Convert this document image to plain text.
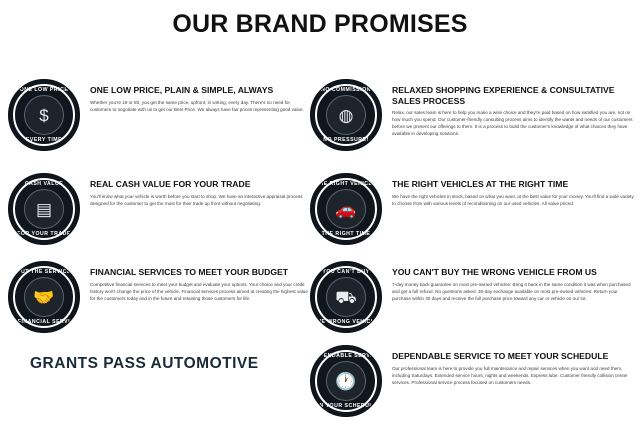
OUR BRAND PROMISES
ONE LOW PRICE
$
EVERY TIME
ONE LOW PRICE, PLAIN & SIMPLE, ALWAYS
Whether you're 18 or 80, you get the same price, upfront, in writing, every day. There's no need for customers to negotiate with us to get our Best Price. We always have fair prices representing good value.
CASH VALUE
▤
FOR YOUR TRADE
REAL CASH VALUE FOR YOUR TRADE
You'll know what your vehicle is worth before you start to shop. We have an interactive appraisal process designed for the customer to get the most for their trade up front without negotiating.
PUT THE SERVICE
🤝
IN FINANCIAL SERVICE
FINANCIAL SERVICES TO MEET YOUR BUDGET
Competitive financial services to meet your budget and evaluate your options. Your choice and your credit history won't change the price of the vehicle. Financial services process aimed at creating the highest value for the customers today and in the future and retaining those customers for life.
NO COMMISSION
◍
NO PRESSURE!
RELAXED SHOPPING EXPERIENCE & CONSULTATIVE SALES PROCESS
Relax, our sales team is here to help you make a wise choice and they're paid based on how satisfied you are, not on how much you spend. Our customer-friendly consulting process aims to identify the wants and needs of our customers before we present our offerings to them. It is a process to build the customer's knowledge of what choices they have available in developing solutions.
THE RIGHT VEHICLE
🚗
THE RIGHT TIME
THE RIGHT VEHICLES AT THE RIGHT TIME
We have the right vehicles in stock, based on what you want, at the best value for your money. You'll find a wide variety to choose from with various levels of reconditioning on our used vehicles. All value priced.
YOU CAN'T BUY
⛟
THE WRONG VEHICLE
YOU CAN'T BUY THE WRONG VEHICLE FROM US
7-day money back guarantee on most pre-owned vehicles: Bring it back in the same condition it was when purchased and get a full refund. No questions asked. 30-day exchange available on most pre-owned vehicles: Return your purchase within 30 days and receive the full purchase price toward any car or vehicle on our lot.
DEPENDABLE SERVICE
🕐
ON YOUR SCHEDULE
DEPENDABLE SERVICE TO MEET YOUR SCHEDULE
Our professional team is here to provide you full maintenance and repair services when you want and need them, including Saturdays. Extended service hours, nights and weekends. Express lube. Customer friendly collision center services. Professional service process focused on customers needs.
GRANTS PASS AUTOMOTIVE
